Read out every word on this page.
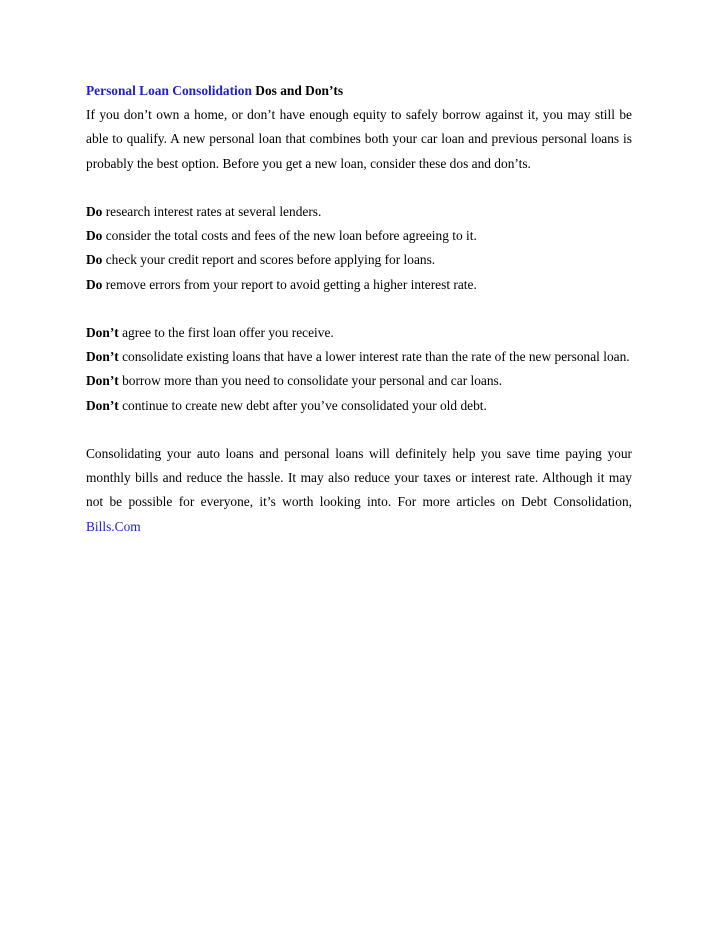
Personal Loan Consolidation Dos and Don’ts

If you don’t own a home, or don’t have enough equity to safely borrow against it, you may still be able to qualify. A new personal loan that combines both your car loan and previous personal loans is probably the best option. Before you get a new loan, consider these dos and don’ts.

Do research interest rates at several lenders.

Do consider the total costs and fees of the new loan before agreeing to it.

Do check your credit report and scores before applying for loans.

Do remove errors from your report to avoid getting a higher interest rate.

Don’t agree to the first loan offer you receive.

Don’t consolidate existing loans that have a lower interest rate than the rate of the new personal loan.

Don’t borrow more than you need to consolidate your personal and car loans.

Don’t continue to create new debt after you’ve consolidated your old debt.

Consolidating your auto loans and personal loans will definitely help you save time paying your monthly bills and reduce the hassle. It may also reduce your taxes or interest rate. Although it may not be possible for everyone, it’s worth looking into. For more articles on Debt Consolidation, Bills.Com
